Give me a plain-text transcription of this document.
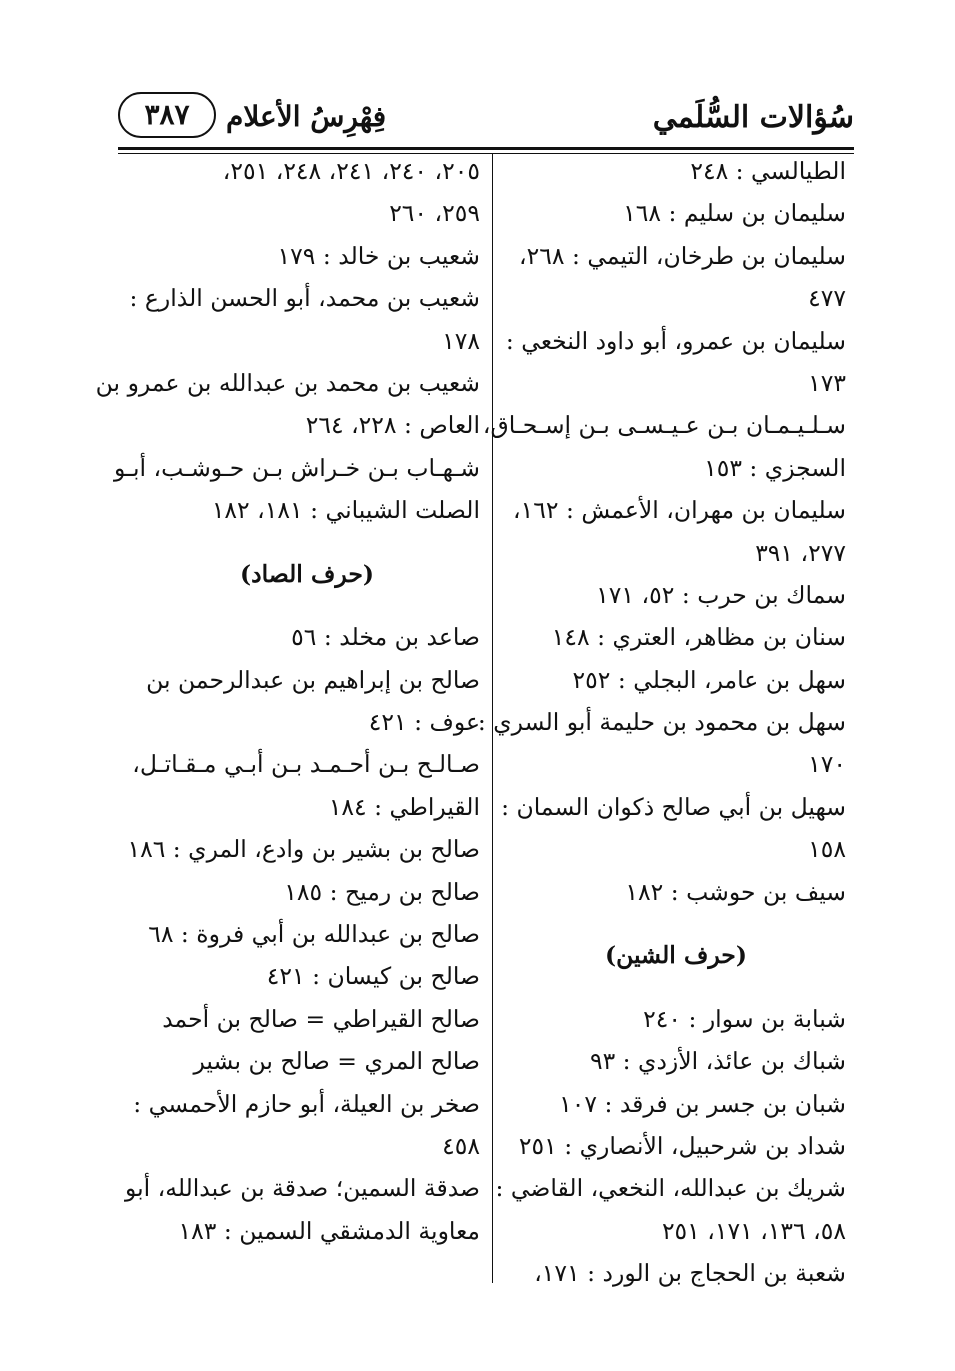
سُؤالات السُّلَمي
فِهْرِسُ الأعلام
٣٨٧
الطيالسي : ٢٤٨
سليمان بن سليم : ١٦٨
سليمان بن طرخان، التيمي : ٢٦٨،
٤٧٧
سليمان بن عمرو، أبو داود النخعي :
١٧٣
سـلـيـمـان بـن عـيـسـى بـن إسـحـاق،
السجزي : ١٥٣
سليمان بن مهران، الأعمش : ١٦٢،
٢٧٧، ٣٩١
سماك بن حرب : ٥٢، ١٧١
سنان بن مظاهر، العتري : ١٤٨
سهل بن عامر، البجلي : ٢٥٢
سهل بن محمود بن حليمة أبو السري :
١٧٠
سهيل بن أبي صالح ذكوان السمان :
١٥٨
سيف بن حوشب : ١٨٢
(حرف الشين)
شبابة بن سوار : ٢٤٠
شباك بن عائذ، الأزدي : ٩٣
شبان بن جسر بن فرقد : ١٠٧
شداد بن شرحبيل، الأنصاري : ٢٥١
شريك بن عبدالله، النخعي، القاضي :
٥٨، ١٣٦، ١٧١، ٢٥١
شعبة بن الحجاج بن الورد : ١٧١،
٢٠٥، ٢٤٠، ٢٤١، ٢٤٨، ٢٥١،
٢٥٩، ٢٦٠
شعيب بن خالد : ١٧٩
شعيب بن محمد، أبو الحسن الذارع :
١٧٨
شعيب بن محمد بن عبدالله بن عمرو بن
العاص : ٢٢٨، ٢٦٤
شـهـاب بـن خـراش بـن حـوشـب، أبـو
الصلت الشيباني : ١٨١، ١٨٢
(حرف الصاد)
صاعد بن مخلد : ٥٦
صالح بن إبراهيم بن عبدالرحمن بن
عوف : ٤٢١
صـالـح بـن أحـمـد بـن أبـي مـقـاتـل،
القيراطي : ١٨٤
صالح بن بشير بن وادع، المري : ١٨٦
صالح بن رميح : ١٨٥
صالح بن عبدالله بن أبي فروة : ٦٨
صالح بن كيسان : ٤٢١
صالح القيراطي = صالح بن أحمد
صالح المري = صالح بن بشير
صخر بن العيلة، أبو حازم الأحمسي :
٤٥٨
صدقة السمين؛ صدقة بن عبدالله، أبو
معاوية الدمشقي السمين : ١٨٣
